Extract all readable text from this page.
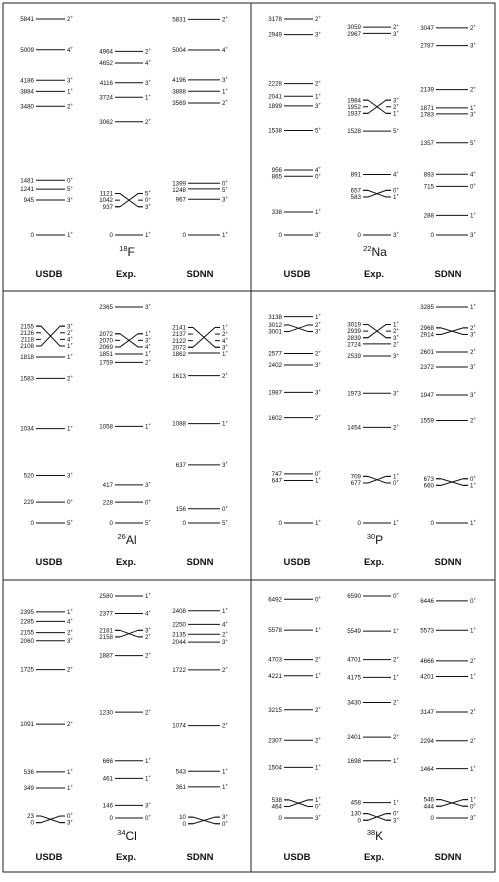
5841	2+
5009	4+
4186	3+
3884	1+
3480	2+
1481	0+
1241	5+
945	3+
0	1+
4964	2+
4652	4+
4116	3+
3724	1+
3062	2+
1121	5+
1042	0+
937	3+
0	1+
5831	2+
5004	4+
4196	3+
3888	1+
3569	2+
1399	0+
1248	5+
967	3+
0	1+
$^{18}$F
USDB	Exp.	SDNN
3178	2+
2949	3+
2228	2+
2041	1+
1899	3+
1538	5+
956	4+
865	0+
338	1+
0	3+
3059	2+
2967	3+
1984	3+
1952	2+
1937	1+
1528	5+
891	4+
657	0+
583	1+
0	3+
3047	2+
2787	3+
2139	2+
1871	1+
1783	3+
1357	5+
893	4+
715	0+
288	1+
0	3+
$^{22}$Na
USDB	Exp.	SDNN
2155	3+
2126	2+
2118	4+
2108	1+
1818	1+
1583	2+
1034	1+
520	3+
229	0+
0	5+
2365	3+
2072	1+
2070	3+
2069	4+
1851	1+
1759	2+
1058	1+
417	3+
228	0+
0	5+
2141	1+
2137	2+
2122	4+
2072	3+
1862	1+
1613	2+
1088	1+
637	3+
156	0+
0	5+
$^{26}$Al
USDB	Exp.	SDNN
3138	1+
3012	2+
3001	3+
2577	2+
2402	3+
1987	3+
1602	2+
747	0+
647	1+
0	1+
3019	1+
2939	2+
2839	3+
2724	2+
2539	3+
1973	3+
1454	2+
709	1+
677	0+
0	1+
3285	1+
2968	2+
2914	3+
2601	2+
2372	3+
1947	3+
1559	2+
673	0+
660	1+
0	1+
$^{30}$P
USDB	Exp.	SDNN
2395	1+
2285	4+
2155	2+
2060	3+
1725	2+
1091	2+
536	1+
349	1+
23	0+
0	3+
2580	1+
2377	4+
2181	3+
2158	2+
1887	2+
1230	2+
666	1+
461	1+
146	3+
0	0+
2408	1+
2250	4+
2135	2+
2044	3+
1722	2+
1074	2+
543	1+
361	1+
10	3+
0	0+
$^{34}$Cl
USDB	Exp.	SDNN
6492	0+
5578	1+
4703	2+
4221	1+
3215	2+
2307	2+
1504	1+
538	1+
464	0+
0	3+
6590	0+
5549	1+
4701	2+
4175	1+
3430	2+
2401	2+
1698	1+
458	1+
130	0+
0	3+
6446	0+
5573	1+
4666	2+
4201	1+
3147	2+
2294	2+
1464	1+
546	1+
444	0+
0	3+
$^{38}$K
USDB	Exp.	SDNN
